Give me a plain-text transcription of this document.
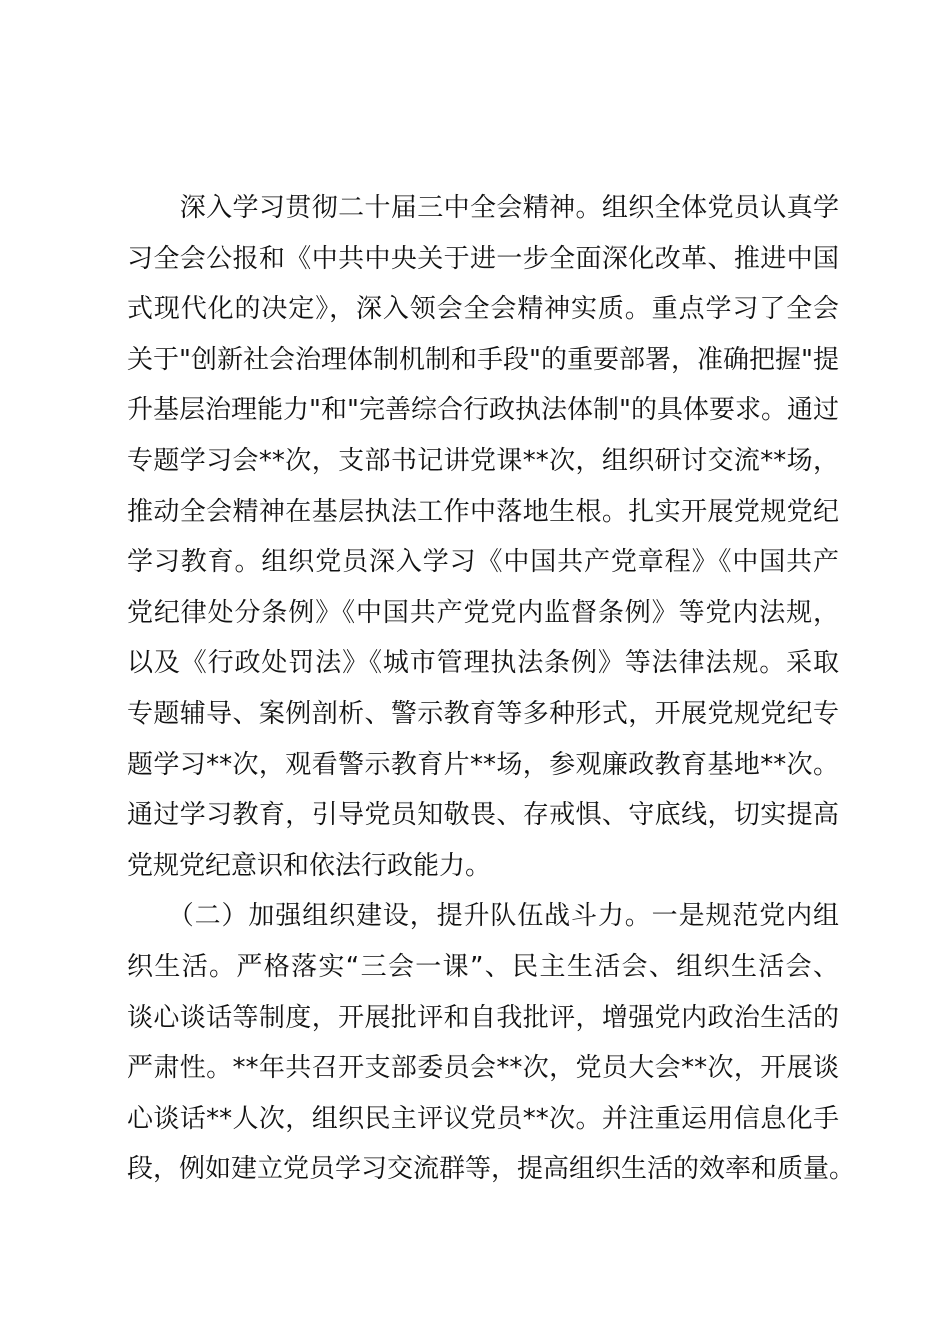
　　深入学习贯彻二十届三中全会精神。组织全体党员认真学
习全会公报和《中共中央关于进一步全面深化改革、推进中国
式现代化的决定》，深入领会全会精神实质。重点学习了全会
关于"创新社会治理体制机制和手段"的重要部署，准确把握"提
升基层治理能力"和"完善综合行政执法体制"的具体要求。通过
专题学习会**次，支部书记讲党课**次，组织研讨交流**场，
推动全会精神在基层执法工作中落地生根。扎实开展党规党纪
学习教育。组织党员深入学习《中国共产党章程》《中国共产
党纪律处分条例》《中国共产党党内监督条例》等党内法规，
以及《行政处罚法》《城市管理执法条例》等法律法规。采取
专题辅导、案例剖析、警示教育等多种形式，开展党规党纪专
题学习**次，观看警示教育片**场，参观廉政教育基地**次。
通过学习教育，引导党员知敬畏、存戒惧、守底线，切实提高
党规党纪意识和依法行政能力。
　　（二）加强组织建设，提升队伍战斗力。一是规范党内组
织生活。严格落实“三会一课”、民主生活会、组织生活会、
谈心谈话等制度，开展批评和自我批评，增强党内政治生活的
严肃性。**年共召开支部委员会**次，党员大会**次，开展谈
心谈话**人次，组织民主评议党员**次。并注重运用信息化手
段，例如建立党员学习交流群等，提高组织生活的效率和质量。
